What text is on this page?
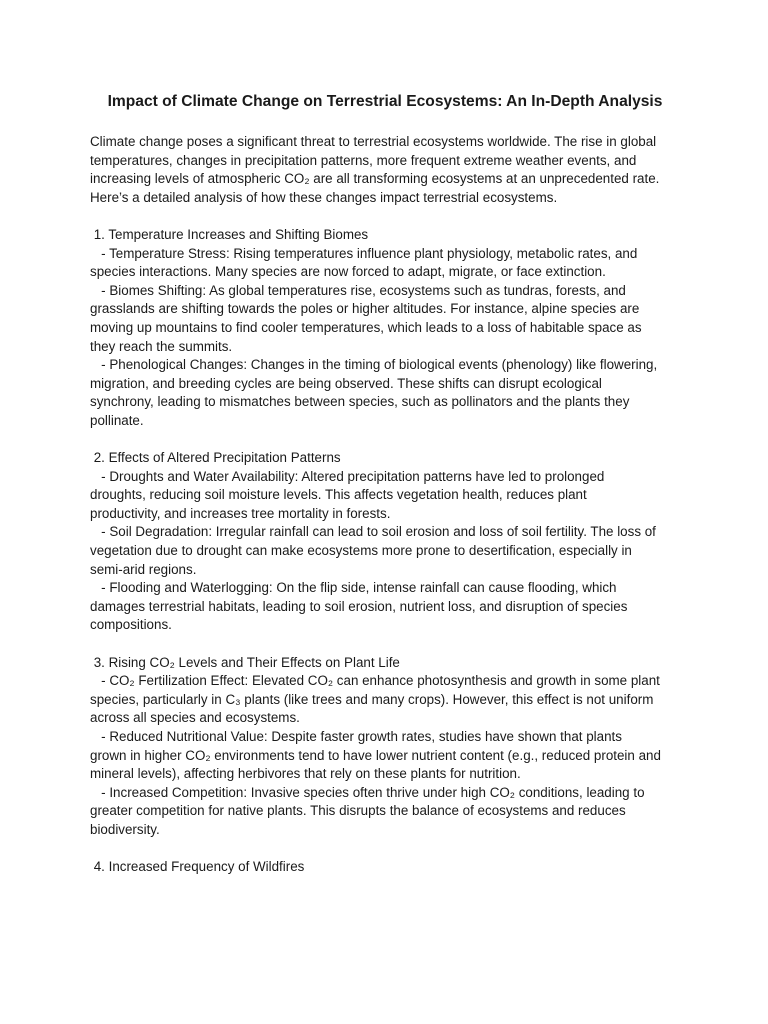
Impact of Climate Change on Terrestrial Ecosystems: An In-Depth Analysis

Climate change poses a significant threat to terrestrial ecosystems worldwide. The rise in global
temperatures, changes in precipitation patterns, more frequent extreme weather events, and
increasing levels of atmospheric CO₂ are all transforming ecosystems at an unprecedented rate.
Here’s a detailed analysis of how these changes impact terrestrial ecosystems.

1. Temperature Increases and Shifting Biomes
- Temperature Stress: Rising temperatures influence plant physiology, metabolic rates, and
species interactions. Many species are now forced to adapt, migrate, or face extinction.
- Biomes Shifting: As global temperatures rise, ecosystems such as tundras, forests, and
grasslands are shifting towards the poles or higher altitudes. For instance, alpine species are
moving up mountains to find cooler temperatures, which leads to a loss of habitable space as
they reach the summits.
- Phenological Changes: Changes in the timing of biological events (phenology) like flowering,
migration, and breeding cycles are being observed. These shifts can disrupt ecological
synchrony, leading to mismatches between species, such as pollinators and the plants they
pollinate.
2. Effects of Altered Precipitation Patterns
- Droughts and Water Availability: Altered precipitation patterns have led to prolonged
droughts, reducing soil moisture levels. This affects vegetation health, reduces plant
productivity, and increases tree mortality in forests.
- Soil Degradation: Irregular rainfall can lead to soil erosion and loss of soil fertility. The loss of
vegetation due to drought can make ecosystems more prone to desertification, especially in
semi-arid regions.
- Flooding and Waterlogging: On the flip side, intense rainfall can cause flooding, which
damages terrestrial habitats, leading to soil erosion, nutrient loss, and disruption of species
compositions.
3. Rising CO₂ Levels and Their Effects on Plant Life
- CO₂ Fertilization Effect: Elevated CO₂ can enhance photosynthesis and growth in some plant
species, particularly in C₃ plants (like trees and many crops). However, this effect is not uniform
across all species and ecosystems.
- Reduced Nutritional Value: Despite faster growth rates, studies have shown that plants
grown in higher CO₂ environments tend to have lower nutrient content (e.g., reduced protein and
mineral levels), affecting herbivores that rely on these plants for nutrition.
- Increased Competition: Invasive species often thrive under high CO₂ conditions, leading to
greater competition for native plants. This disrupts the balance of ecosystems and reduces
biodiversity.
4. Increased Frequency of Wildfires
